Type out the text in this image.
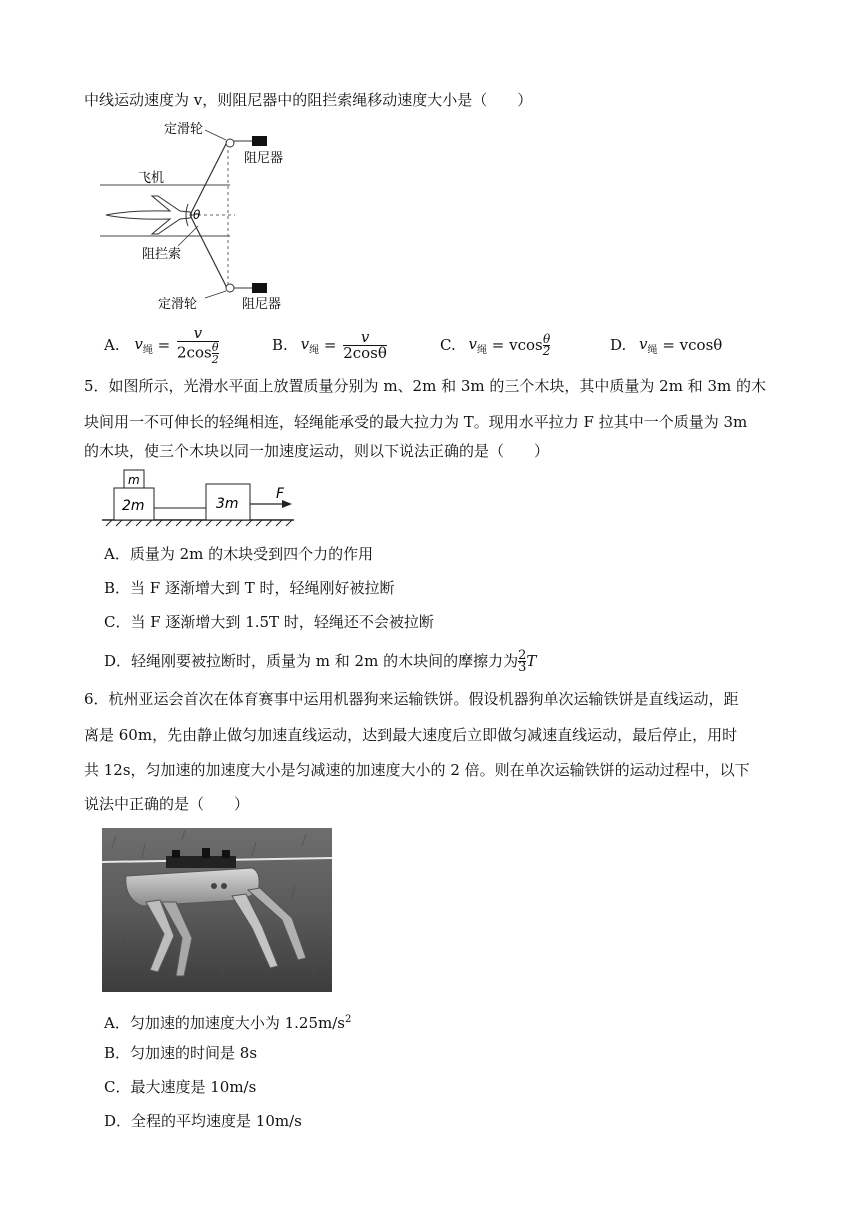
中线运动速度为 v，则阻尼器中的阻拦索绳移动速度大小是（　　）
定滑轮
阻尼器
飞机
θ
阻拦索
定滑轮	阻尼器
A.
$v_绳$
=
$\frac{v}{2\cos \frac{\theta}{2}}$	B.
$v_绳$
=
$\frac{v}{2\cos\theta}$	C.
$v_绳$
=
vcos θ
2	D.
$v_绳$
=
vcosθ
5．如图所示，光滑水平面上放置质量分别为 m、2m 和 3m 的三个木块，其中质量为 2m 和 3m 的木
块间用一不可伸长的轻绳相连，轻绳能承受的最大拉力为 T。现用水平拉力 F 拉其中一个质量为 3m
的木块，使三个木块以同一加速度运动，则以下说法正确的是（　　）
m
2m	3m
F
A．质量为 2m 的木块受到四个力的作用
B．当 F 逐渐增大到 T 时，轻绳刚好被拉断
C．当 F 逐渐增大到 1.5T 时，轻绳还不会被拉断
D．轻绳刚要被拉断时，质量为 m 和 2m 的木块间的摩擦力为 2
3 T
6．杭州亚运会首次在体育赛事中运用机器狗来运输铁饼。假设机器狗单次运输铁饼是直线运动，距
离是 60m，先由静止做匀加速直线运动，达到最大速度后立即做匀减速直线运动，最后停止，用时
共 12s，匀加速的加速度大小是匀减速的加速度大小的 2 倍。则在单次运输铁饼的运动过程中，以下
说法中正确的是（　　）
A．匀加速的加速度大小为 $1.25m/s^2$
B．匀加速的时间是 8s
C．最大速度是 10m/s
D．全程的平均速度是 10m/s
